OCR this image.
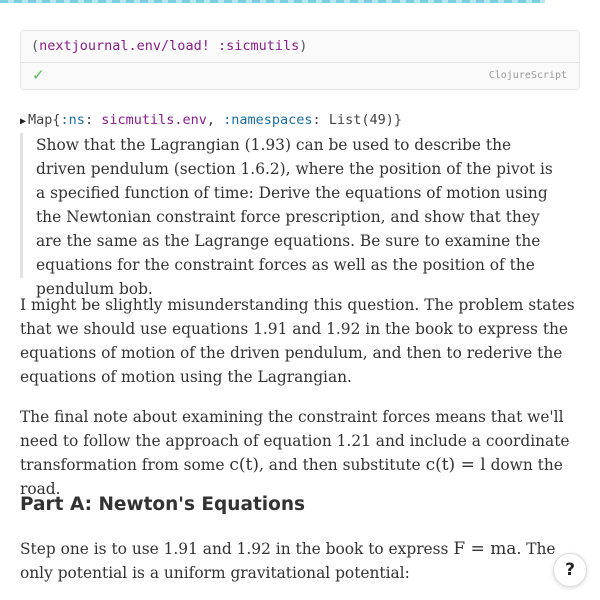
(nextjournal.env/load! :sicmutils)
✓	ClojureScript
▶ Map{:ns: sicmutils.env, :namespaces: List(49)}

Show that the Lagrangian (1.93) can be used to describe the driven pendulum (section 1.6.2), where the position of the pivot is a specified function of time: Derive the equations of motion using the Newtonian constraint force prescription, and show that they are the same as the Lagrange equations. Be sure to examine the equations for the constraint forces as well as the position of the pendulum bob.

I might be slightly misunderstanding this question. The problem states that we should use equations 1.91 and 1.92 in the book to express the equations of motion of the driven pendulum, and then to rederive the equations of motion using the Lagrangian.

The final note about examining the constraint forces means that we'll need to follow the approach of equation 1.21 and include a coordinate transformation from some c(t), and then substitute c(t) = l down the road.

Part A: Newton's Equations

Step one is to use 1.91 and 1.92 in the book to express F = ma. The only potential is a uniform gravitational potential:	?
